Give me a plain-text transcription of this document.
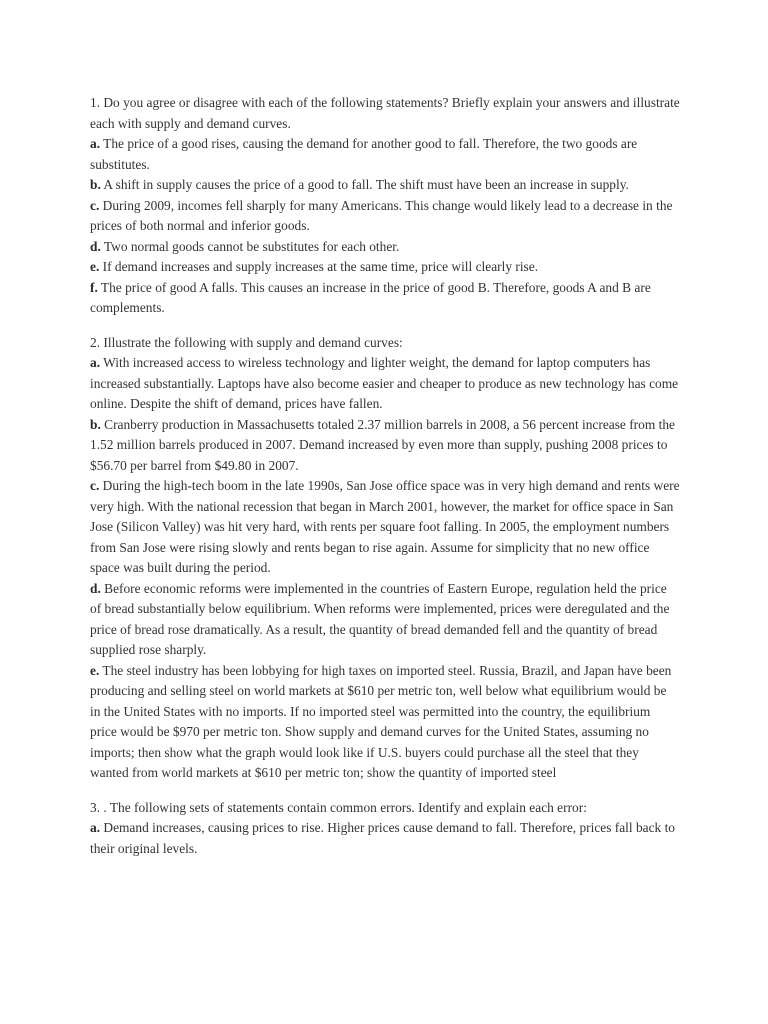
1. Do you agree or disagree with each of the following statements? Briefly explain your answers and illustrate each with supply and demand curves.

a. The price of a good rises, causing the demand for another good to fall. Therefore, the two goods are substitutes.

b. A shift in supply causes the price of a good to fall. The shift must have been an increase in supply.

c. During 2009, incomes fell sharply for many Americans. This change would likely lead to a decrease in the prices of both normal and inferior goods.

d. Two normal goods cannot be substitutes for each other.

e. If demand increases and supply increases at the same time, price will clearly rise.

f. The price of good A falls. This causes an increase in the price of good B. Therefore, goods A and B are complements.

2. Illustrate the following with supply and demand curves:

a. With increased access to wireless technology and lighter weight, the demand for laptop computers has increased substantially. Laptops have also become easier and cheaper to produce as new technology has come online. Despite the shift of demand, prices have fallen.

b. Cranberry production in Massachusetts totaled 2.37 million barrels in 2008, a 56 percent increase from the 1.52 million barrels produced in 2007. Demand increased by even more than supply, pushing 2008 prices to $56.70 per barrel from $49.80 in 2007.

c. During the high-tech boom in the late 1990s, San Jose office space was in very high demand and rents were very high. With the national recession that began in March 2001, however, the market for office space in San Jose (Silicon Valley) was hit very hard, with rents per square foot falling. In 2005, the employment numbers from San Jose were rising slowly and rents began to rise again. Assume for simplicity that no new office space was built during the period.

d. Before economic reforms were implemented in the countries of Eastern Europe, regulation held the price of bread substantially below equilibrium. When reforms were implemented, prices were deregulated and the price of bread rose dramatically. As a result, the quantity of bread demanded fell and the quantity of bread supplied rose sharply.

e. The steel industry has been lobbying for high taxes on imported steel. Russia, Brazil, and Japan have been producing and selling steel on world markets at $610 per metric ton, well below what equilibrium would be in the United States with no imports. If no imported steel was permitted into the country, the equilibrium price would be $970 per metric ton. Show supply and demand curves for the United States, assuming no imports; then show what the graph would look like if U.S. buyers could purchase all the steel that they wanted from world markets at $610 per metric ton; show the quantity of imported steel

3. . The following sets of statements contain common errors. Identify and explain each error:

a. Demand increases, causing prices to rise. Higher prices cause demand to fall. Therefore, prices fall back to their original levels.
